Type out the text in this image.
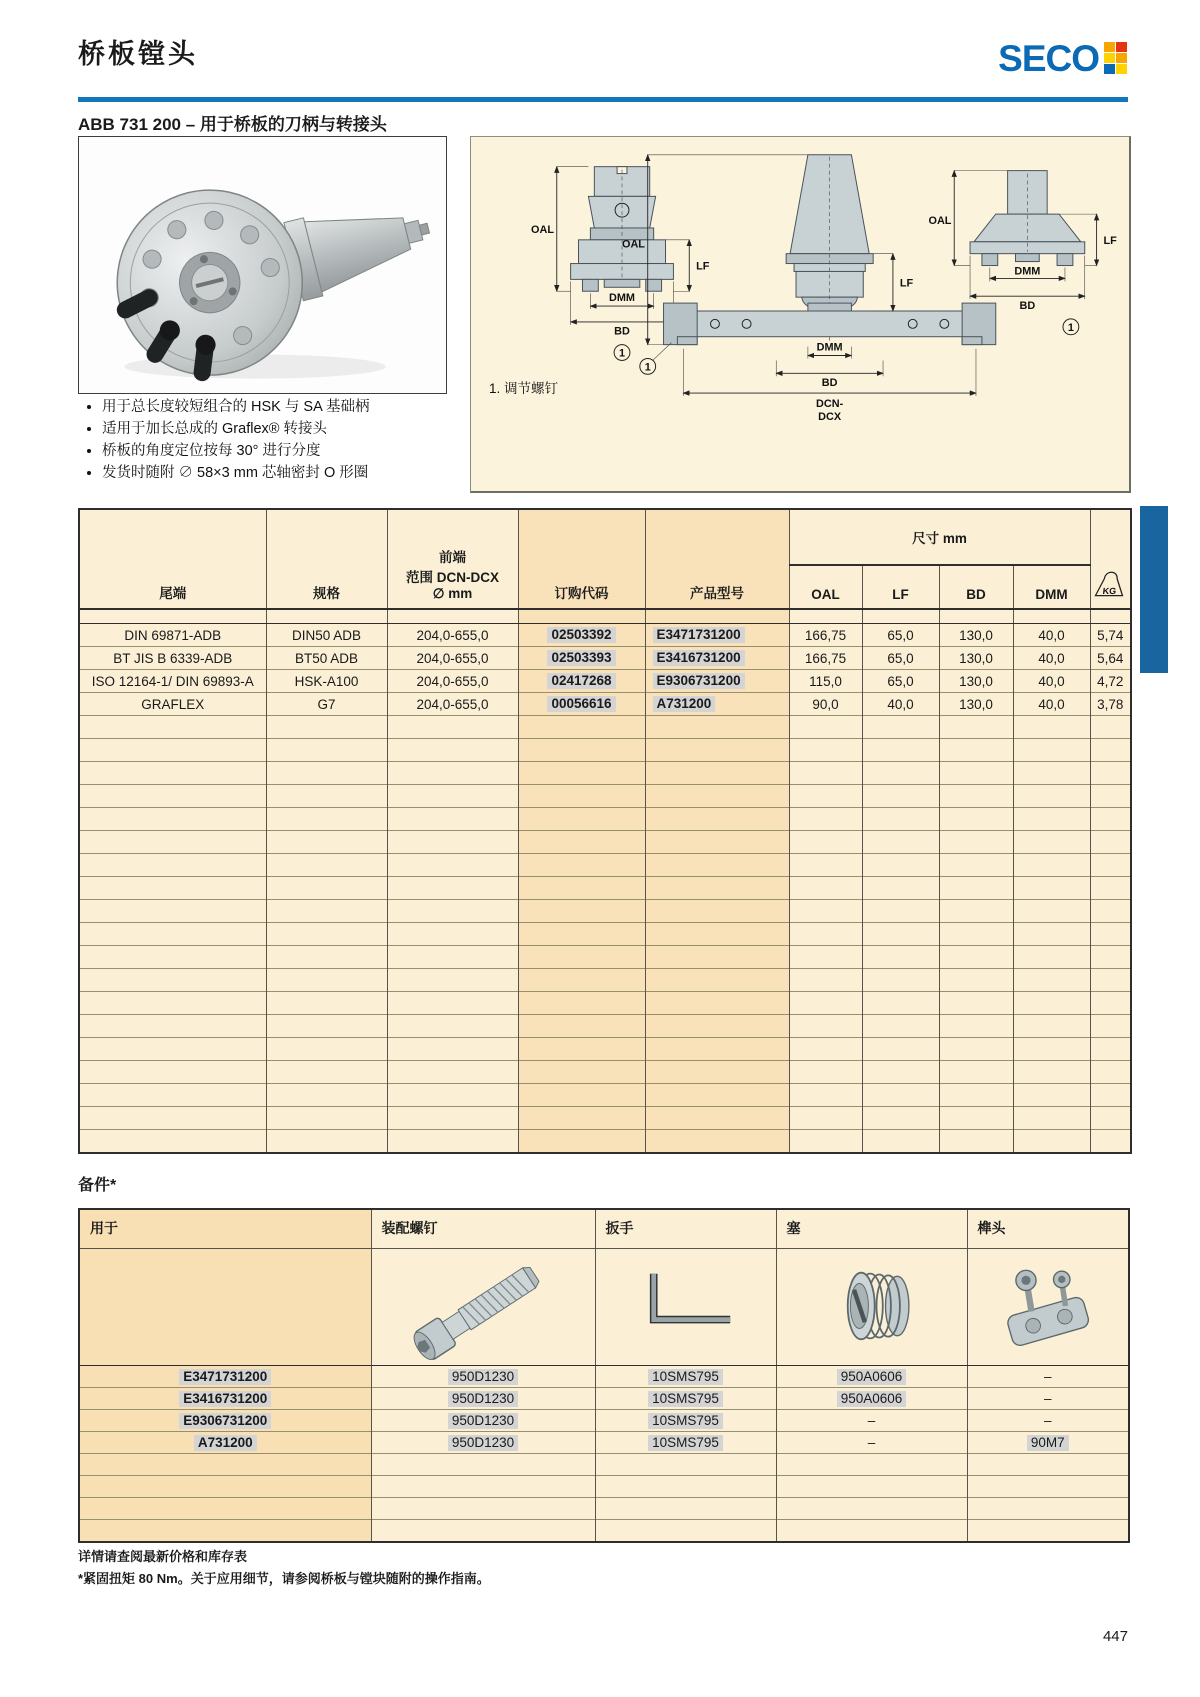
桥板镗头	SECO
ABB 731 200 – 用于桥板的刀柄与转接头
• 用于总长度较短组合的 HSK 与 SA 基础柄
• 适用于加长总成的 Graflex® 转接头
• 桥板的角度定位按每 30° 进行分度
• 发货时随附 ∅ 58×3 mm 芯轴密封 O 形圈
OAL
LF
DMM
BD
1
OAL
LF
DMM
BD
DCN-
DCX
1
OAL
LF
DMM
BD
1
1. 调节螺钉
尾端	规格	前端
范围 DCN-DCX
∅ mm	订购代码	产品型号	尺寸 mm				KG

					OAL	LF	BD	DMM	

DIN 69871-ADB	DIN50 ADB	204,0-655,0	02503392	E3471731200	166,75	65,0	130,0	40,0	5,74
BT JIS B 6339-ADB	BT50 ADB	204,0-655,0	02503393	E3416731200	166,75	65,0	130,0	40,0	5,64
ISO 12164-1/ DIN 69893-A	HSK-A100	204,0-655,0	02417268	E9306731200	115,0	65,0	130,0	40,0	4,72
GRAFLEX	G7	204,0-655,0	00056616	A731200	90,0	40,0	130,0	40,0	3,78

备件*
用于	装配螺钉	扳手	塞	榫头

E3471731200	950D1230	10SMS795	950A0606	–
E3416731200	950D1230	10SMS795	950A0606	–
E9306731200	950D1230	10SMS795	–	–
A731200	950D1230	10SMS795	–	90M7

详情请查阅最新价格和库存表
*紧固扭矩 80 Nm。关于应用细节，请参阅桥板与镗块随附的操作指南。
447
